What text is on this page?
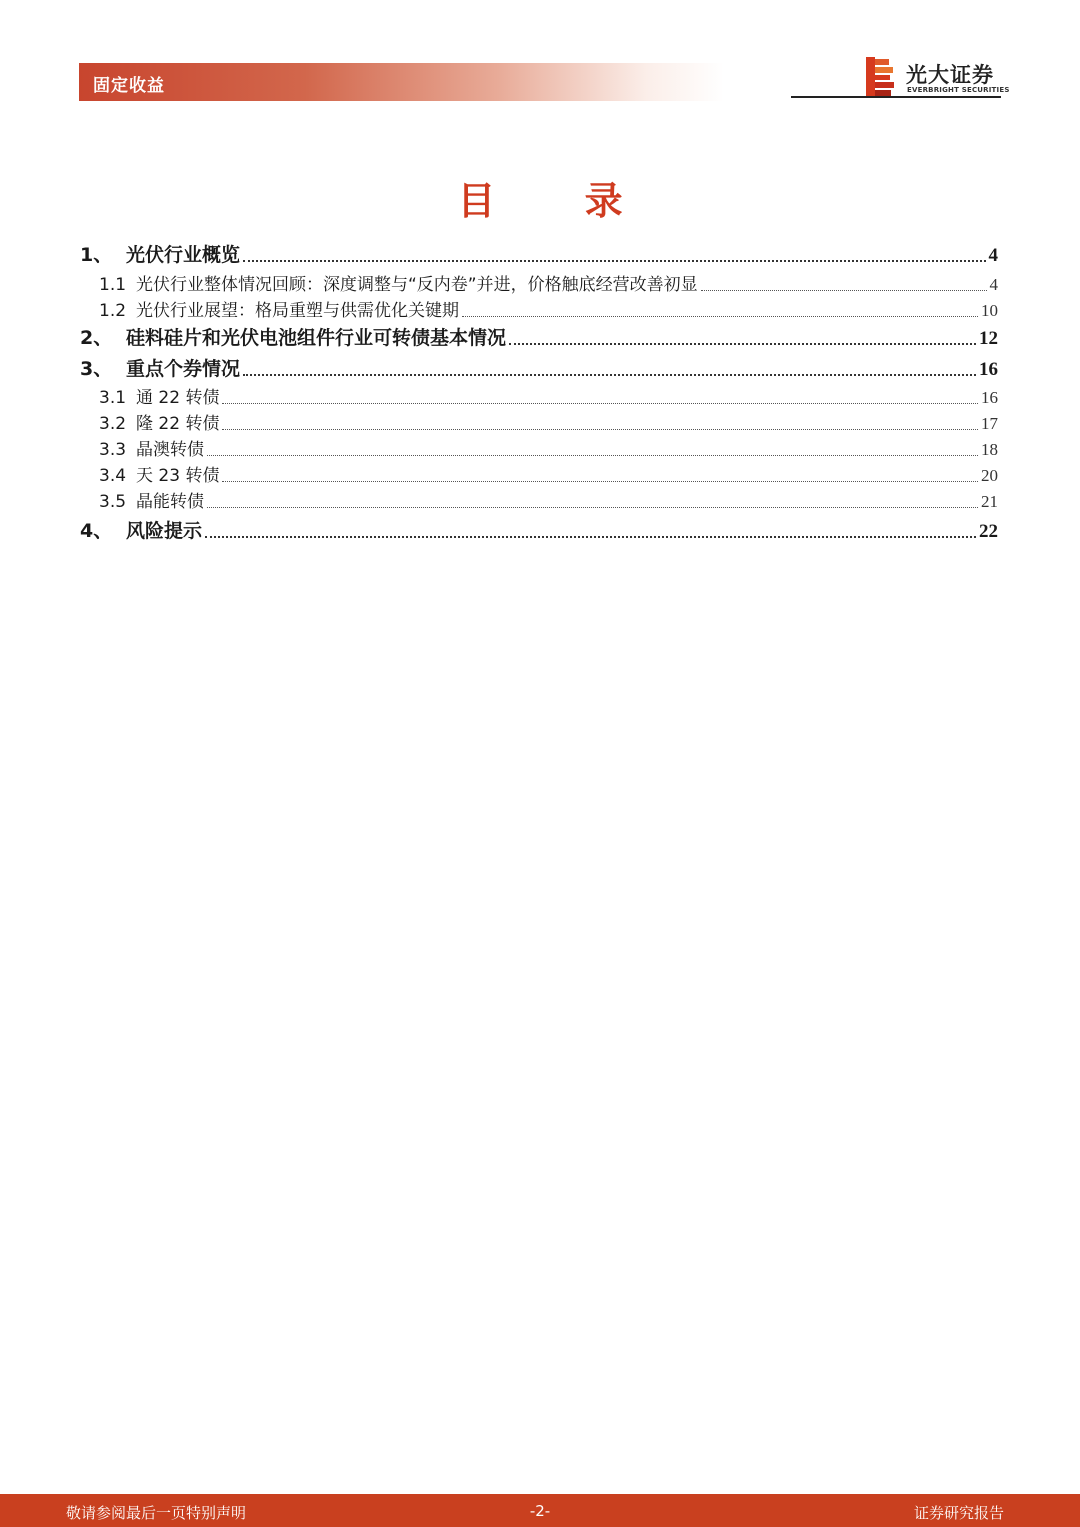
固定收益	光大证券
EVERBRIGHT SECURITIES
目 录
1、 光伏行业概览	4
1.1 光伏行业整体情况回顾：深度调整与“反内卷”并进，价格触底经营改善初显	4
1.2 光伏行业展望：格局重塑与供需优化关键期	10
2、 硅料硅片和光伏电池组件行业可转债基本情况	12
3、 重点个券情况	16
3.1 通 22 转债	16
3.2 隆 22 转债	17
3.3 晶澳转债	18
3.4 天 23 转债	20
3.5 晶能转债	21
4、 风险提示	22
敬请参阅最后一页特别声明	-2-	证券研究报告
